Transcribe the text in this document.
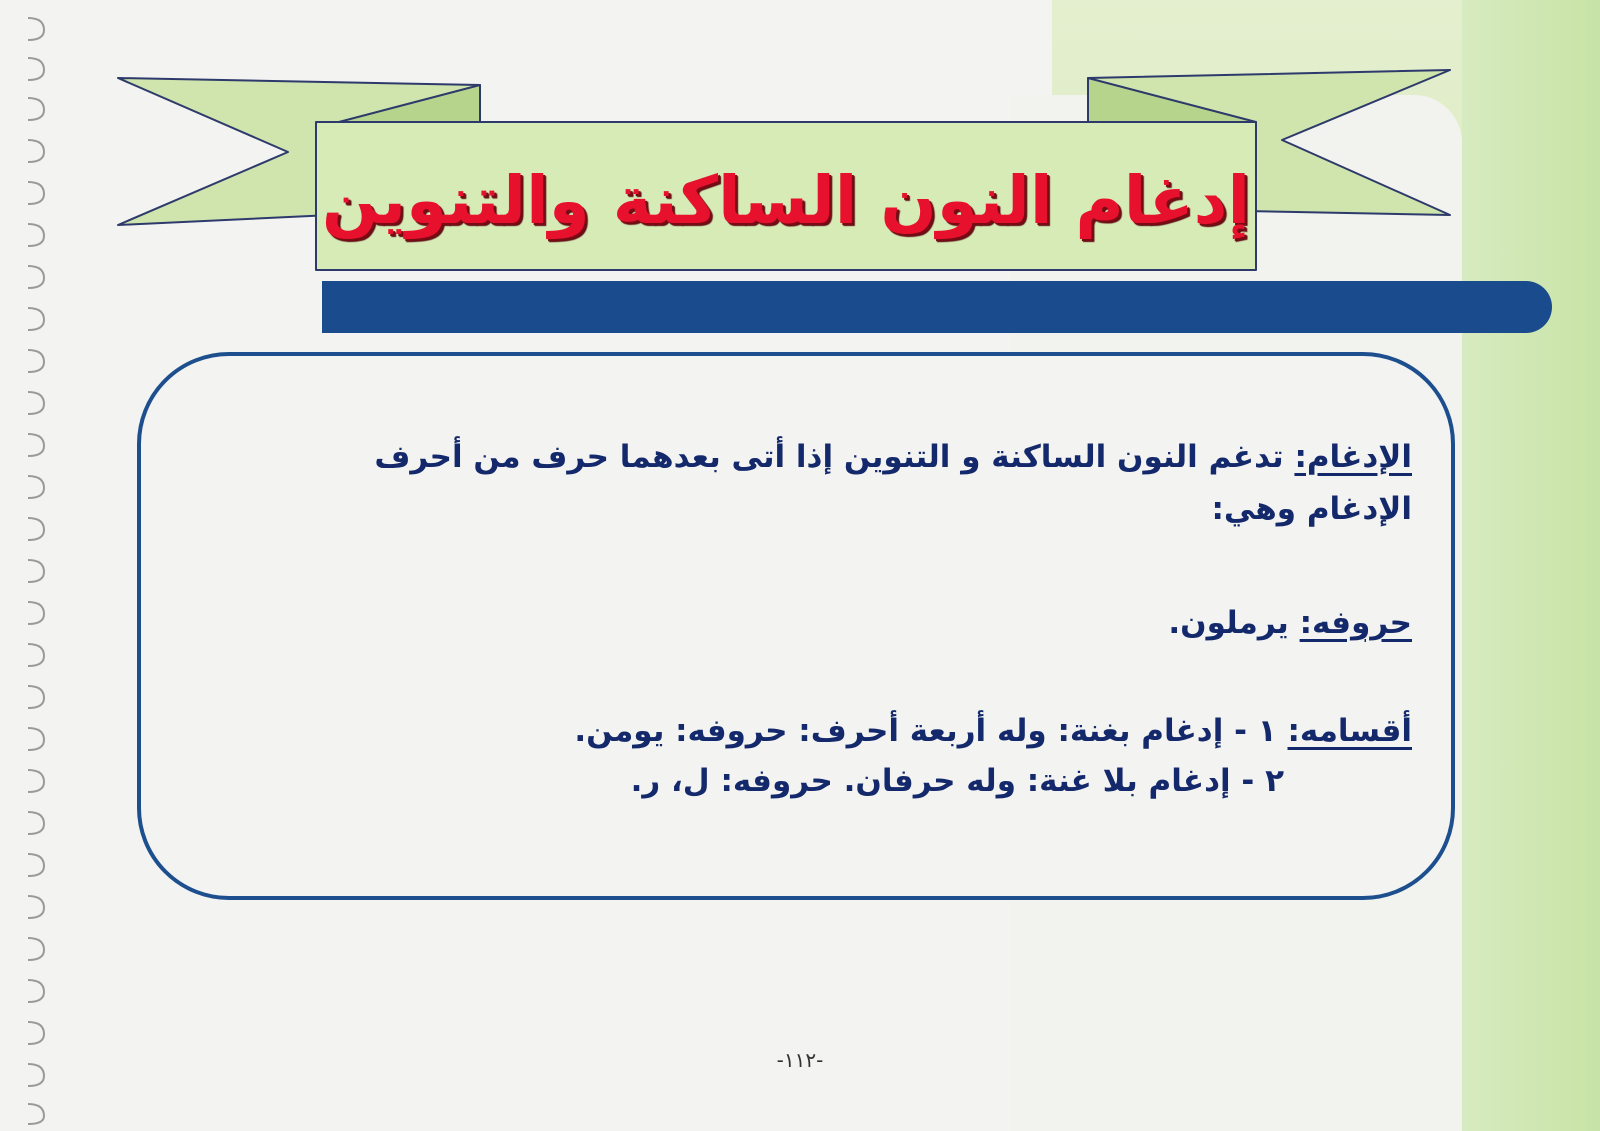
إدغام النون الساكنة والتنوين
الإدغام: تدغم النون الساكنة و التنوين إذا أتى بعدهما حرف من أحرف
الإدغام وهي:
حروفه: يرملون.
أقسامه: ١ - إدغام بغنة: وله أربعة أحرف: حروفه: يومن.
٢ - إدغام بلا غنة: وله حرفان. حروفه: ل، ر.
-١١٢-
